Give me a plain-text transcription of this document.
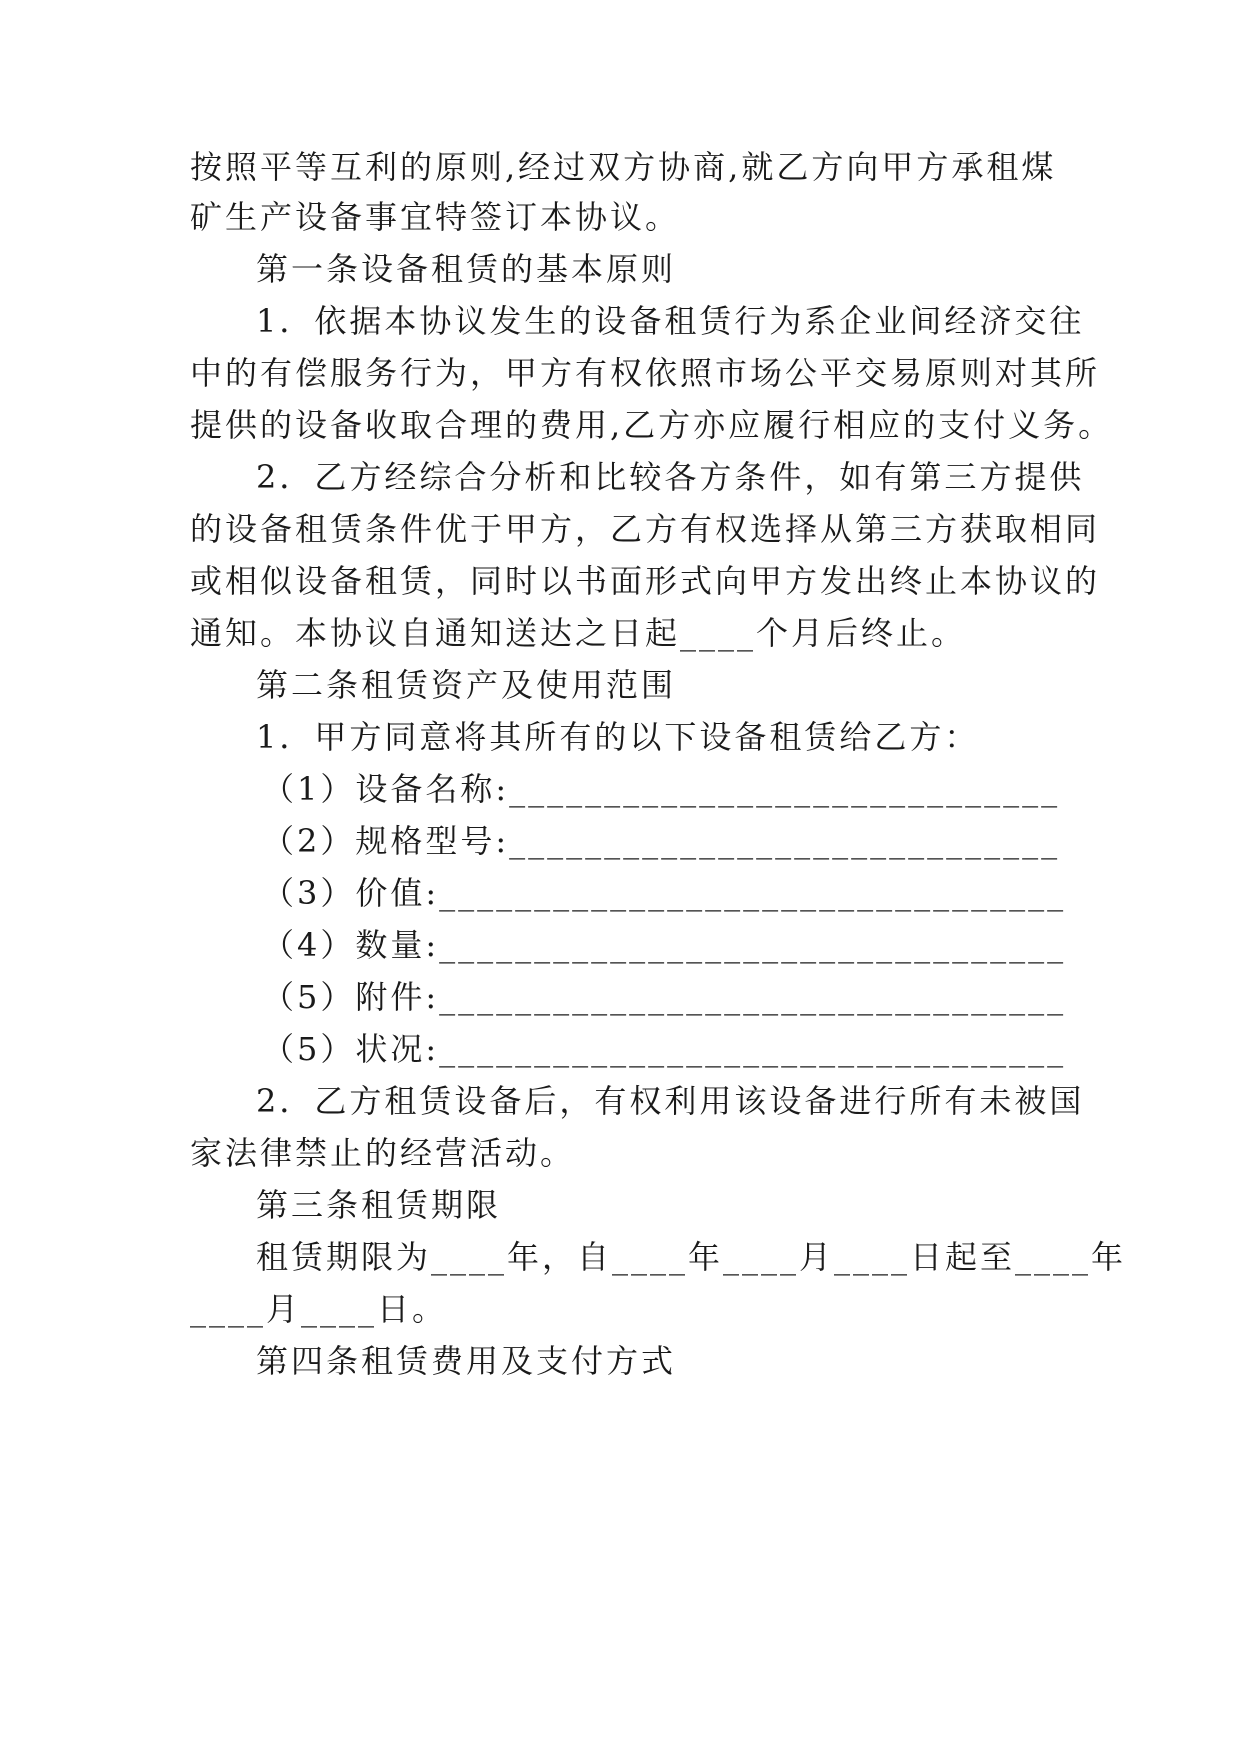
按照平等互利的原则,经过双方协商,就乙方向甲方承租煤
矿生产设备事宜特签订本协议。
第一条设备租赁的基本原则
1．依据本协议发生的设备租赁行为系企业间经济交往
中的有偿服务行为，甲方有权依照市场公平交易原则对其所
提供的设备收取合理的费用,乙方亦应履行相应的支付义务。
2．乙方经综合分析和比较各方条件，如有第三方提供
的设备租赁条件优于甲方，乙方有权选择从第三方获取相同
或相似设备租赁，同时以书面形式向甲方发出终止本协议的
通知。本协议自通知送达之日起____个月后终止。
第二条租赁资产及使用范围
1．甲方同意将其所有的以下设备租赁给乙方：
（1）设备名称:_____________________________
（2）规格型号:_____________________________
（3）价值:_________________________________
（4）数量:_________________________________
（5）附件:_________________________________
（5）状况:_________________________________
2．乙方租赁设备后，有权利用该设备进行所有未被国
家法律禁止的经营活动。
第三条租赁期限
租赁期限为____年，自____年____月____日起至____年
____月____日。
第四条租赁费用及支付方式
